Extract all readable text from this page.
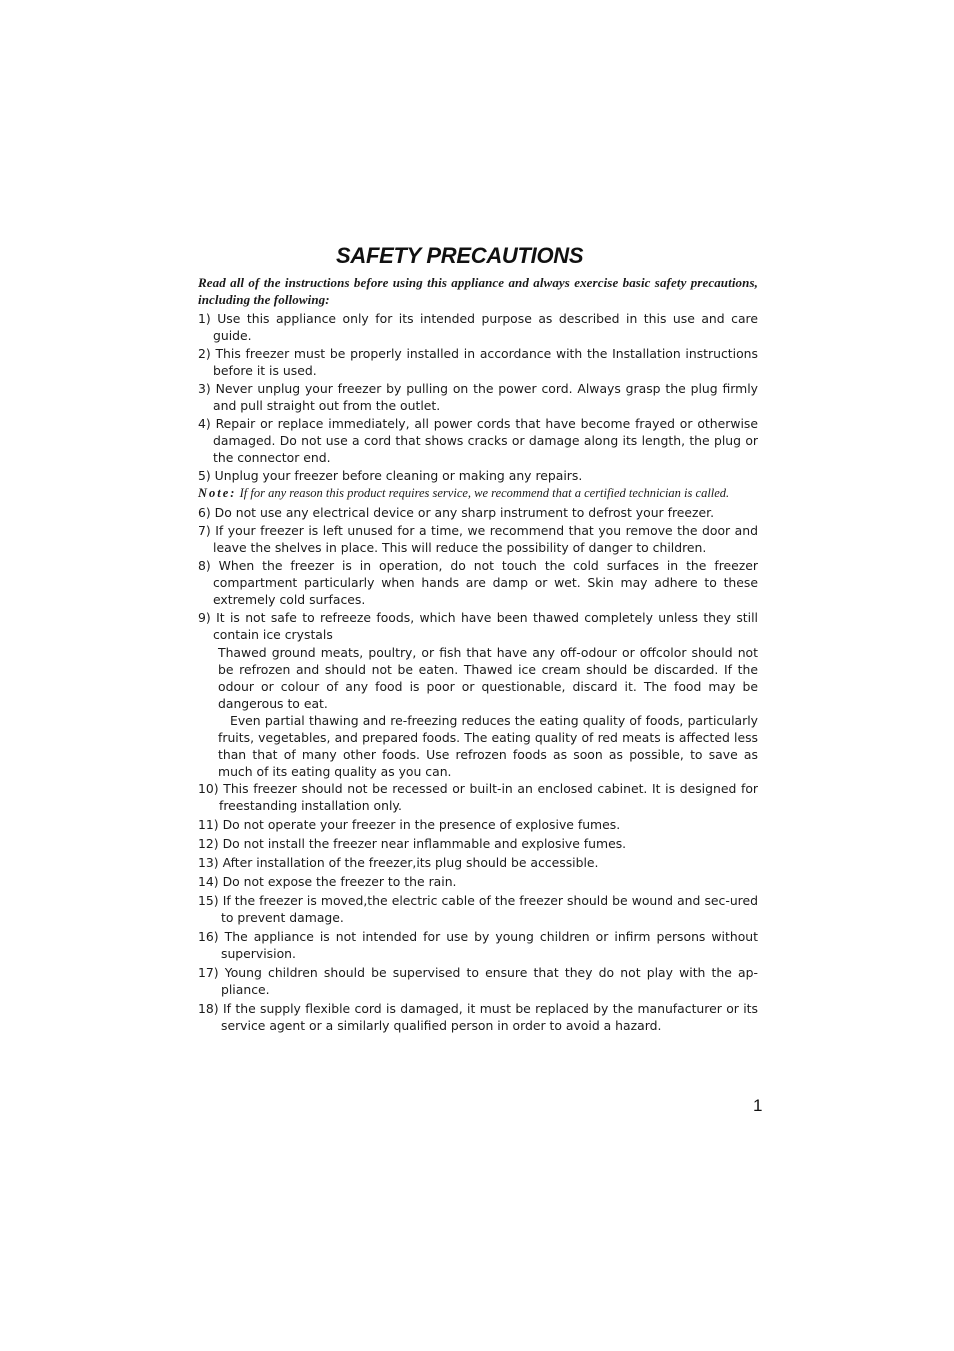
SAFETY PRECAUTIONS

Read all of the instructions before using this appliance and always exercise basic safety precautions, including the following:

1) Use this appliance only for its intended purpose as described in this use and care guide.
2) This freezer must be properly installed in accordance with the Installation instructions before it is used.
3) Never unplug your freezer by pulling on the power cord. Always grasp the plug firmly and pull straight out from the outlet.
4) Repair or replace immediately, all power cords that have become frayed or otherwise damaged. Do not use a cord that shows cracks or damage along its length, the plug or the connector end.
5) Unplug your freezer before cleaning or making any repairs.
Note: If for any reason this product requires service, we recommend that a certified technician is called.
6) Do not use any electrical device or any sharp instrument to defrost your freezer.
7) If your freezer is left unused for a time, we recommend that you remove the door and leave the shelves in place. This will reduce the possibility of danger to children.
8) When the freezer is in operation, do not touch the cold surfaces in the freezer compartment particularly when hands are damp or wet. Skin may adhere to these extremely cold surfaces.
9) It is not safe to refreeze foods, which have been thawed completely unless they still contain ice crystals

Thawed ground meats, poultry, or fish that have any off-odour or offcolor should not be refrozen and should not be eaten. Thawed ice cream should be discarded. If the odour or colour of any food is poor or questionable, discard it. The food may be dangerous to eat.

Even partial thawing and re-freezing reduces the eating quality of foods, particularly fruits, vegetables, and prepared foods. The eating quality of red meats is affected less than that of many other foods. Use refrozen foods as soon as possible, to save as much of its eating quality as you can.

10) This freezer should not be recessed or built-in an enclosed cabinet. It is designed for freestanding installation only.
11) Do not operate your freezer in the presence of explosive fumes.
12) Do not install the freezer near inflammable and explosive fumes.
13) After installation of the freezer,its plug should be accessible.
14) Do not expose the freezer to the rain.
15) If the freezer is moved,the electric cable of the freezer should be wound and sec-ured to prevent damage.
16) The appliance is not intended for use by young children or infirm persons without supervision.
17) Young children should be supervised to ensure that they do not play with the ap-pliance.
18) If the supply flexible cord is damaged, it must be replaced by the manufacturer or its service agent or a similarly qualified person in order to avoid a hazard.
1
